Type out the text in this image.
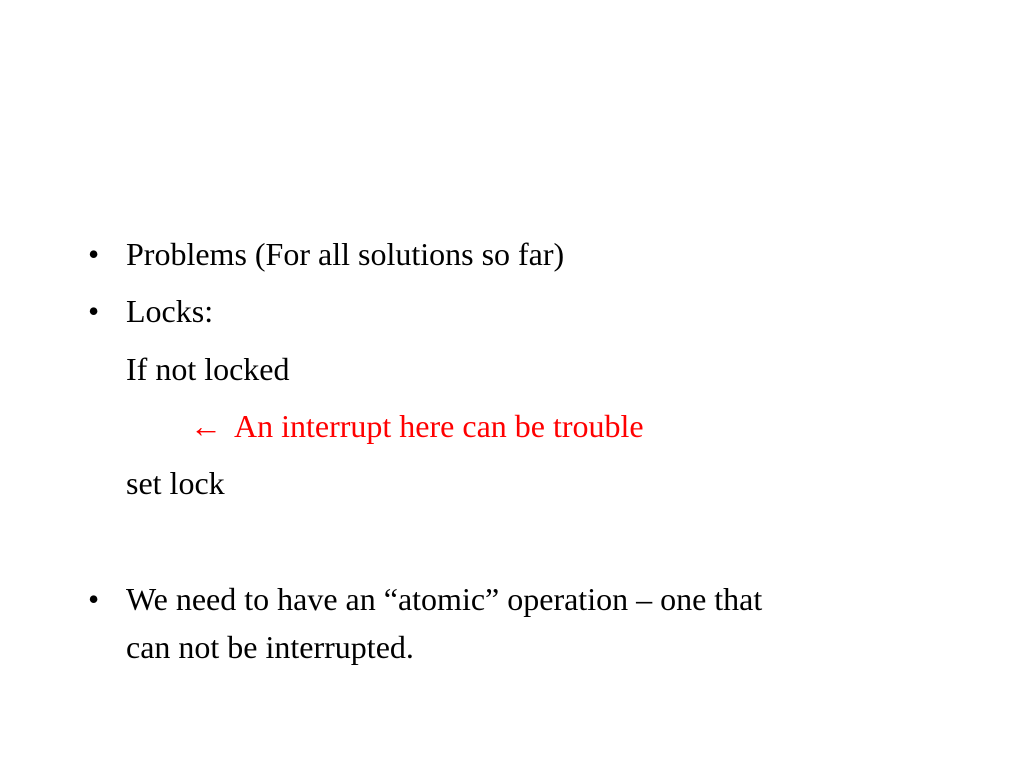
• Problems (For all solutions so far)
• Locks:
If not locked
← An interrupt here can be trouble
set lock
• We need to have an “atomic” operation – one that
can not be interrupted.
